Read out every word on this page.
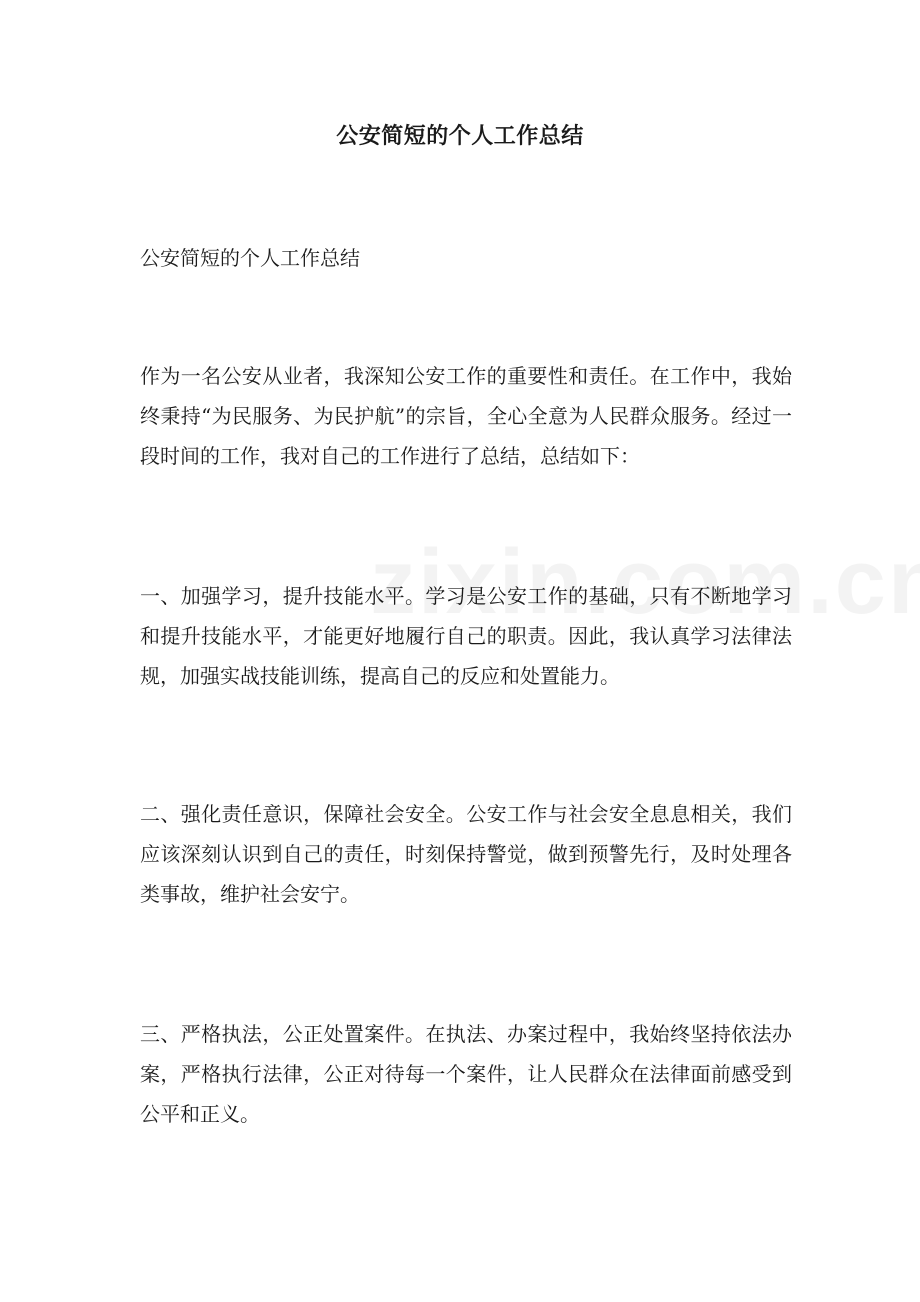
公安简短的个人工作总结
公安简短的个人工作总结

作为一名公安从业者，我深知公安工作的重要性和责任。在工作中，我始终秉持“为民服务、为民护航”的宗旨，全心全意为人民群众服务。经过一段时间的工作，我对自己的工作进行了总结，总结如下：

一、加强学习，提升技能水平。学习是公安工作的基础，只有不断地学习和提升技能水平，才能更好地履行自己的职责。因此，我认真学习法律法规，加强实战技能训练，提高自己的反应和处置能力。

二、强化责任意识，保障社会安全。公安工作与社会安全息息相关，我们应该深刻认识到自己的责任，时刻保持警觉，做到预警先行，及时处理各类事故，维护社会安宁。

三、严格执法，公正处置案件。在执法、办案过程中，我始终坚持依法办案，严格执行法律，公正对待每一个案件，让人民群众在法律面前感受到公平和正义。
